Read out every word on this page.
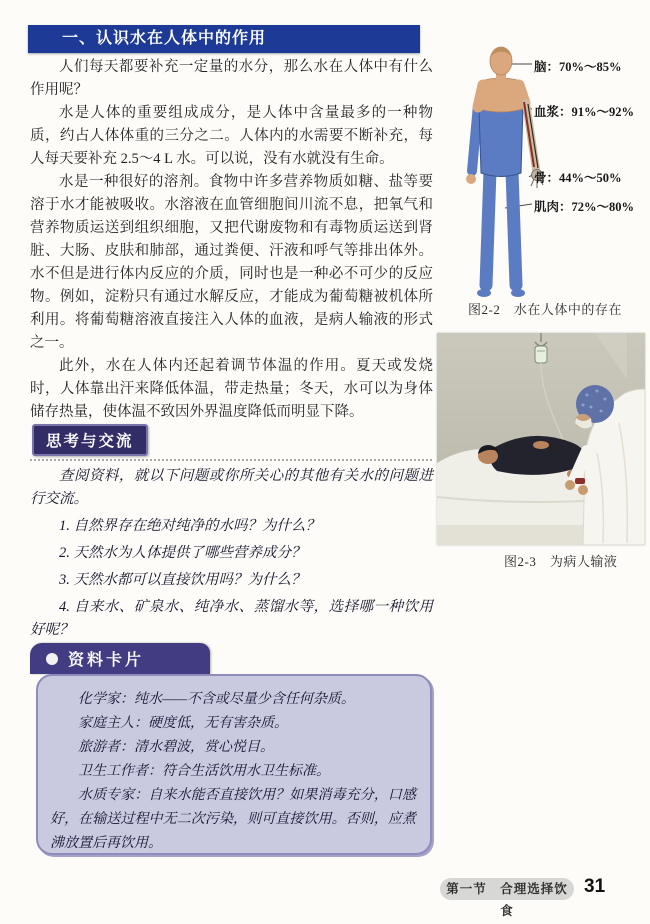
一、认识水在人体中的作用

人们每天都要补充一定量的水分，那么水在人体中有什么作用呢？

水是人体的重要组成成分，是人体中含量最多的一种物质，约占人体体重的三分之二。人体内的水需要不断补充，每人每天要补充 2.5～4 L 水。可以说，没有水就没有生命。

水是一种很好的溶剂。食物中许多营养物质如糖、盐等要溶于水才能被吸收。水溶液在血管细胞间川流不息，把氧气和营养物质运送到组织细胞，又把代谢废物和有毒物质运送到肾脏、大肠、皮肤和肺部，通过粪便、汗液和呼气等排出体外。水不但是进行体内反应的介质，同时也是一种必不可少的反应物。例如，淀粉只有通过水解反应，才能成为葡萄糖被机体所利用。将葡萄糖溶液直接注入人体的血液，是病人输液的形式之一。

此外，水在人体内还起着调节体温的作用。夏天或发烧时，人体靠出汗来降低体温，带走热量；冬天，水可以为身体储存热量，使体温不致因外界温度降低而明显下降。

思考与交流

查阅资料，就以下问题或你所关心的其他有关水的问题进行交流。

1. 自然界存在绝对纯净的水吗？为什么？

2. 天然水为人体提供了哪些营养成分？

3. 天然水都可以直接饮用吗？为什么？

4. 自来水、矿泉水、纯净水、蒸馏水等，选择哪一种饮用好呢？

资料卡片

化学家：纯水——不含或尽量少含任何杂质。

家庭主人：硬度低，无有害杂质。

旅游者：清水碧波，赏心悦目。

卫生工作者：符合生活饮用水卫生标准。

水质专家：自来水能否直接饮用？如果消毒充分，口感好，在输送过程中无二次污染，则可直接饮用。否则，应煮沸放置后再饮用。

脑：70%～85%
血浆：91%～92%
骨：44%～50%
肌肉：72%～80%
图2-2　水在人体中的存在
图2-3　为病人输液
第一节　合理选择饮食
31
